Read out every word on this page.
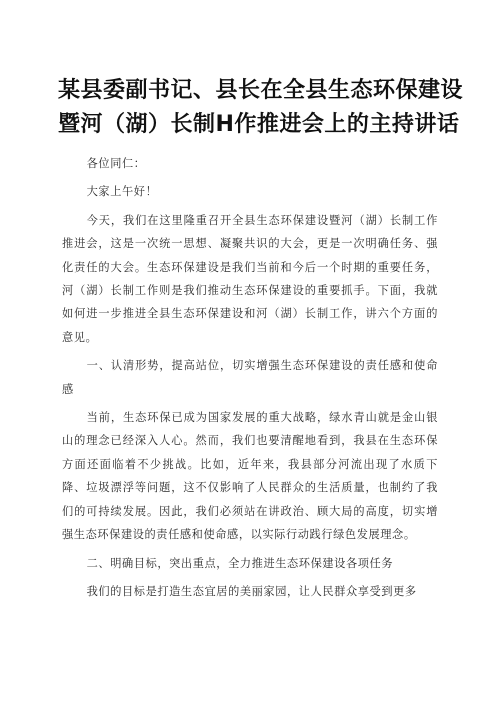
某县委副书记、县长在全县生态环保建设
暨河（湖）长制H作推进会上的主持讲话

各位同仁：

大家上午好！

今天，我们在这里隆重召开全县生态环保建设暨河（湖）长制工作推进会，这是一次统一思想、凝聚共识的大会，更是一次明确任务、强化责任的大会。生态环保建设是我们当前和今后一个时期的重要任务，河（湖）长制工作则是我们推动生态环保建设的重要抓手。下面，我就如何进一步推进全县生态环保建设和河（湖）长制工作，讲六个方面的意见。

一、认清形势，提高站位，切实增强生态环保建设的责任感和使命感

当前，生态环保已成为国家发展的重大战略，绿水青山就是金山银山的理念已经深入人心。然而，我们也要清醒地看到，我县在生态环保方面还面临着不少挑战。比如，近年来，我县部分河流出现了水质下降、垃圾漂浮等问题，这不仅影响了人民群众的生活质量，也制约了我们的可持续发展。因此，我们必须站在讲政治、顾大局的高度，切实增强生态环保建设的责任感和使命感，以实际行动践行绿色发展理念。

二、明确目标，突出重点，全力推进生态环保建设各项任务

我们的目标是打造生态宜居的美丽家园，让人民群众享受到更多
